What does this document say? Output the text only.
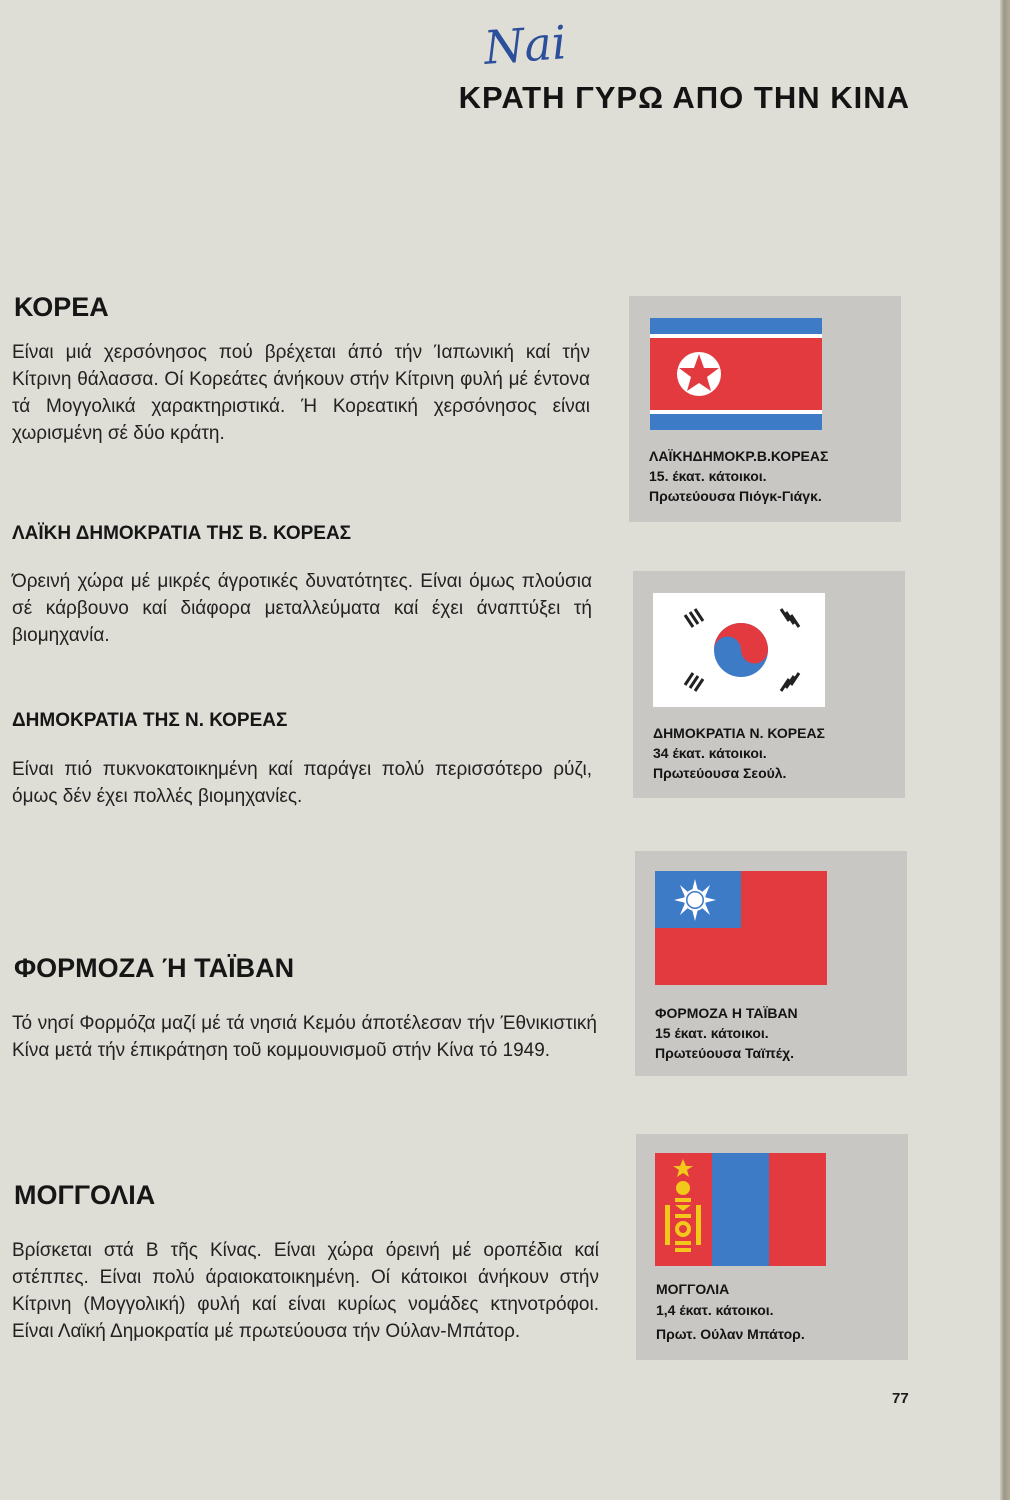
Nai
ΚΡΑΤΗ ΓΥΡΩ ΑΠΟ ΤΗΝ ΚΙΝΑ
ΚΟΡΕΑ
Είναι μιά χερσόνησος πού βρέχεται άπό τήν Ίαπωνική καί τήν Κίτρινη θάλασσα. Οί Κορεάτες άνήκουν στήν Κίτρινη φυλή μέ έντονα τά Μογγολικά χαρακτηριστικά. Ή Κορεατική χερσόνησος είναι χωρισμένη σέ δύο κράτη.
ΛΑΪΚΗ ΔΗΜΟΚΡΑΤΙΑ ΤΗΣ Β. ΚΟΡΕΑΣ
Όρεινή χώρα μέ μικρές άγροτικές δυνατότητες. Είναι όμως πλούσια σέ κάρβουνο καί διάφορα μεταλλεύματα καί έχει άναπτύξει τή βιομηχανία.
ΔΗΜΟΚΡΑΤΙΑ ΤΗΣ Ν. ΚΟΡΕΑΣ
Είναι πιό πυκνοκατοικημένη καί παράγει πολύ περισσότερο ρύζι, όμως δέν έχει πολλές βιομηχανίες.
ΦΟΡΜΟΖΑ Ή ΤΑΪΒΑΝ
Τό νησί Φορμόζα μαζί μέ τά νησιά Κεμόυ άποτέλεσαν τήν Έθνικιστική Κίνα μετά τήν έπικράτηση τοῦ κομμουνισμοῦ στήν Κίνα τό 1949.
ΜΟΓΓΟΛΙΑ
Βρίσκεται στά Β τῆς Κίνας. Είναι χώρα όρεινή μέ οροπέδια καί στέππες. Είναι πολύ άραιοκατοικημένη. Οί κάτοικοι άνήκουν στήν Κίτρινη (Μογγολική) φυλή καί είναι κυρίως νομάδες κτηνοτρόφοι. Είναι Λαϊκή Δημοκρατία μέ πρωτεύουσα τήν Ούλαν-Μπάτορ.
ΛΑΪΚΗΔΗΜΟΚΡ.Β.ΚΟΡΕΑΣ
15. έκατ. κάτοικοι.
Πρωτεύουσα Πιόγκ-Γιάγκ.
ΔΗΜΟΚΡΑΤΙΑ Ν. ΚΟΡΕΑΣ
34 έκατ. κάτοικοι.
Πρωτεύουσα Σεούλ.
ΦΟΡΜΟΖΑ Η ΤΑΪΒΑΝ
15 έκατ. κάτοικοι.
Πρωτεύουσα Ταϊπέχ.
ΜΟΓΓΟΛΙΑ
1,4 έκατ. κάτοικοι.
Πρωτ. Ούλαν Μπάτορ.
77
